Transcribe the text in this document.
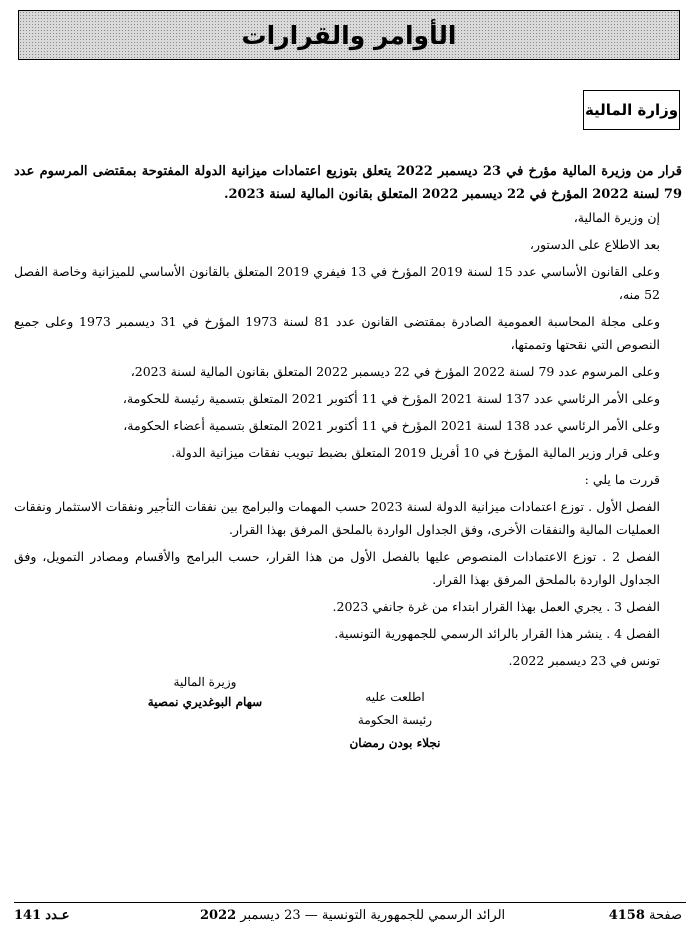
الأوامر والقرارات
وزارة المالية

قرار من وزيرة المالية مؤرخ في 23 ديسمبر 2022 يتعلق بتوزيع اعتمادات ميزانية الدولة المفتوحة بمقتضى المرسوم عدد 79 لسنة 2022 المؤرخ في 22 ديسمبر 2022 المتعلق بقانون المالية لسنة 2023.

إن وزيرة المالية،

بعد الاطلاع على الدستور،

وعلى القانون الأساسي عدد 15 لسنة 2019 المؤرخ في 13 فيفري 2019 المتعلق بالقانون الأساسي للميزانية وخاصة الفصل 52 منه،

وعلى مجلة المحاسبة العمومية الصادرة بمقتضى القانون عدد 81 لسنة 1973 المؤرخ في 31 ديسمبر 1973 وعلى جميع النصوص التي نقحتها وتممتها،

وعلى المرسوم عدد 79 لسنة 2022 المؤرخ في 22 ديسمبر 2022 المتعلق بقانون المالية لسنة 2023،

وعلى الأمر الرئاسي عدد 137 لسنة 2021 المؤرخ في 11 أكتوبر 2021 المتعلق بتسمية رئيسة للحكومة،

وعلى الأمر الرئاسي عدد 138 لسنة 2021 المؤرخ في 11 أكتوبر 2021 المتعلق بتسمية أعضاء الحكومة،

وعلى قرار وزير المالية المؤرخ في 10 أفريل 2019 المتعلق بضبط تبويب نفقات ميزانية الدولة.

قررت ما يلي :

الفصل الأول . توزع اعتمادات ميزانية الدولة لسنة 2023 حسب المهمات والبرامج بين نفقات التأجير ونفقات الاستثمار ونفقات العمليات المالية والنفقات الأخرى، وفق الجداول الواردة بالملحق المرفق بهذا القرار.

الفصل 2 . توزع الاعتمادات المنصوص عليها بالفصل الأول من هذا القرار، حسب البرامج والأقسام ومصادر التمويل، وفق الجداول الواردة بالملحق المرفق بهذا القرار.

الفصل 3 . يجري العمل بهذا القرار ابتداء من غرة جانفي 2023.

الفصل 4 . ينشر هذا القرار بالرائد الرسمي للجمهورية التونسية.

تونس في 23 ديسمبر 2022.

وزيرة المالية
سهام البوغديري نمصية	اطلعت عليه
رئيسة الحكومة
نجلاء بودن رمضان
صفحة 4158
الرائد الرسمي للجمهورية التونسية — 23 ديسمبر 2022
عـدد 141
